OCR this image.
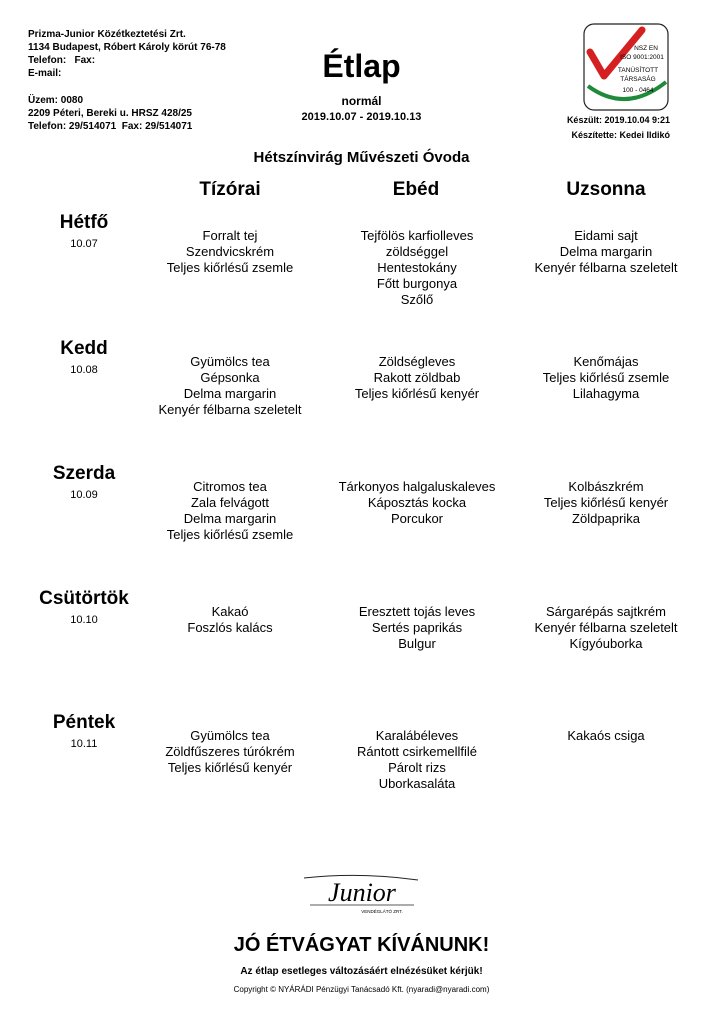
Prizma-Junior Közétkeztetési Zrt.
1134 Budapest, Róbert Károly körút 76-78
Telefon:   Fax:
E-mail:
Üzem: 0080
2209 Péteri, Bereki u. HRSZ 428/25
Telefon: 29/514071  Fax: 29/514071
Étlap
normál
2019.10.07 - 2019.10.13
NSZ EN
ISO 9001:2001
TANÚSÍTOTT
TÁRSASÁG
100 - 0464
Készült: 2019.10.04 9:21
Készítette: Kedei Ildikó
Hétszínvirág Művészeti Óvoda
Tízórai	Ebéd	Uzsonna
Hétfő
10.07
Forralt tej
Szendvicskrém
Teljes kiőrlésű zsemle
Tejfölös karfiolleves
zöldséggel
Hentestokány
Főtt burgonya
Szőlő
Eidami sajt
Delma margarin
Kenyér félbarna szeletelt
Kedd
10.08
Gyümölcs tea
Gépsonka
Delma margarin
Kenyér félbarna szeletelt
Zöldségleves
Rakott zöldbab
Teljes kiőrlésű kenyér
Kenőmájas
Teljes kiőrlésű zsemle
Lilahagyma
Szerda
10.09
Citromos tea
Zala felvágott
Delma margarin
Teljes kiőrlésű zsemle
Tárkonyos halgaluskaleves
Káposztás kocka
Porcukor
Kolbászkrém
Teljes kiőrlésű kenyér
Zöldpaprika
Csütörtök
10.10
Kakaó
Foszlós kalács
Eresztett tojás leves
Sertés paprikás
Bulgur
Sárgarépás sajtkrém
Kenyér félbarna szeletelt
Kígyóuborka
Péntek
10.11
Gyümölcs tea
Zöldfűszeres túrókrém
Teljes kiőrlésű kenyér
Karalábéleves
Rántott csirkemellfilé
Párolt rizs
Uborkasaláta
Kakaós csiga
Junior
VENDÉGLÁTÓ ZRT.
JÓ ÉTVÁGYAT KÍVÁNUNK!
Az étlap esetleges változásáért elnézésüket kérjük!
Copyright © NYÁRÁDI Pénzügyi Tanácsadó Kft. (nyaradi@nyaradi.com)
